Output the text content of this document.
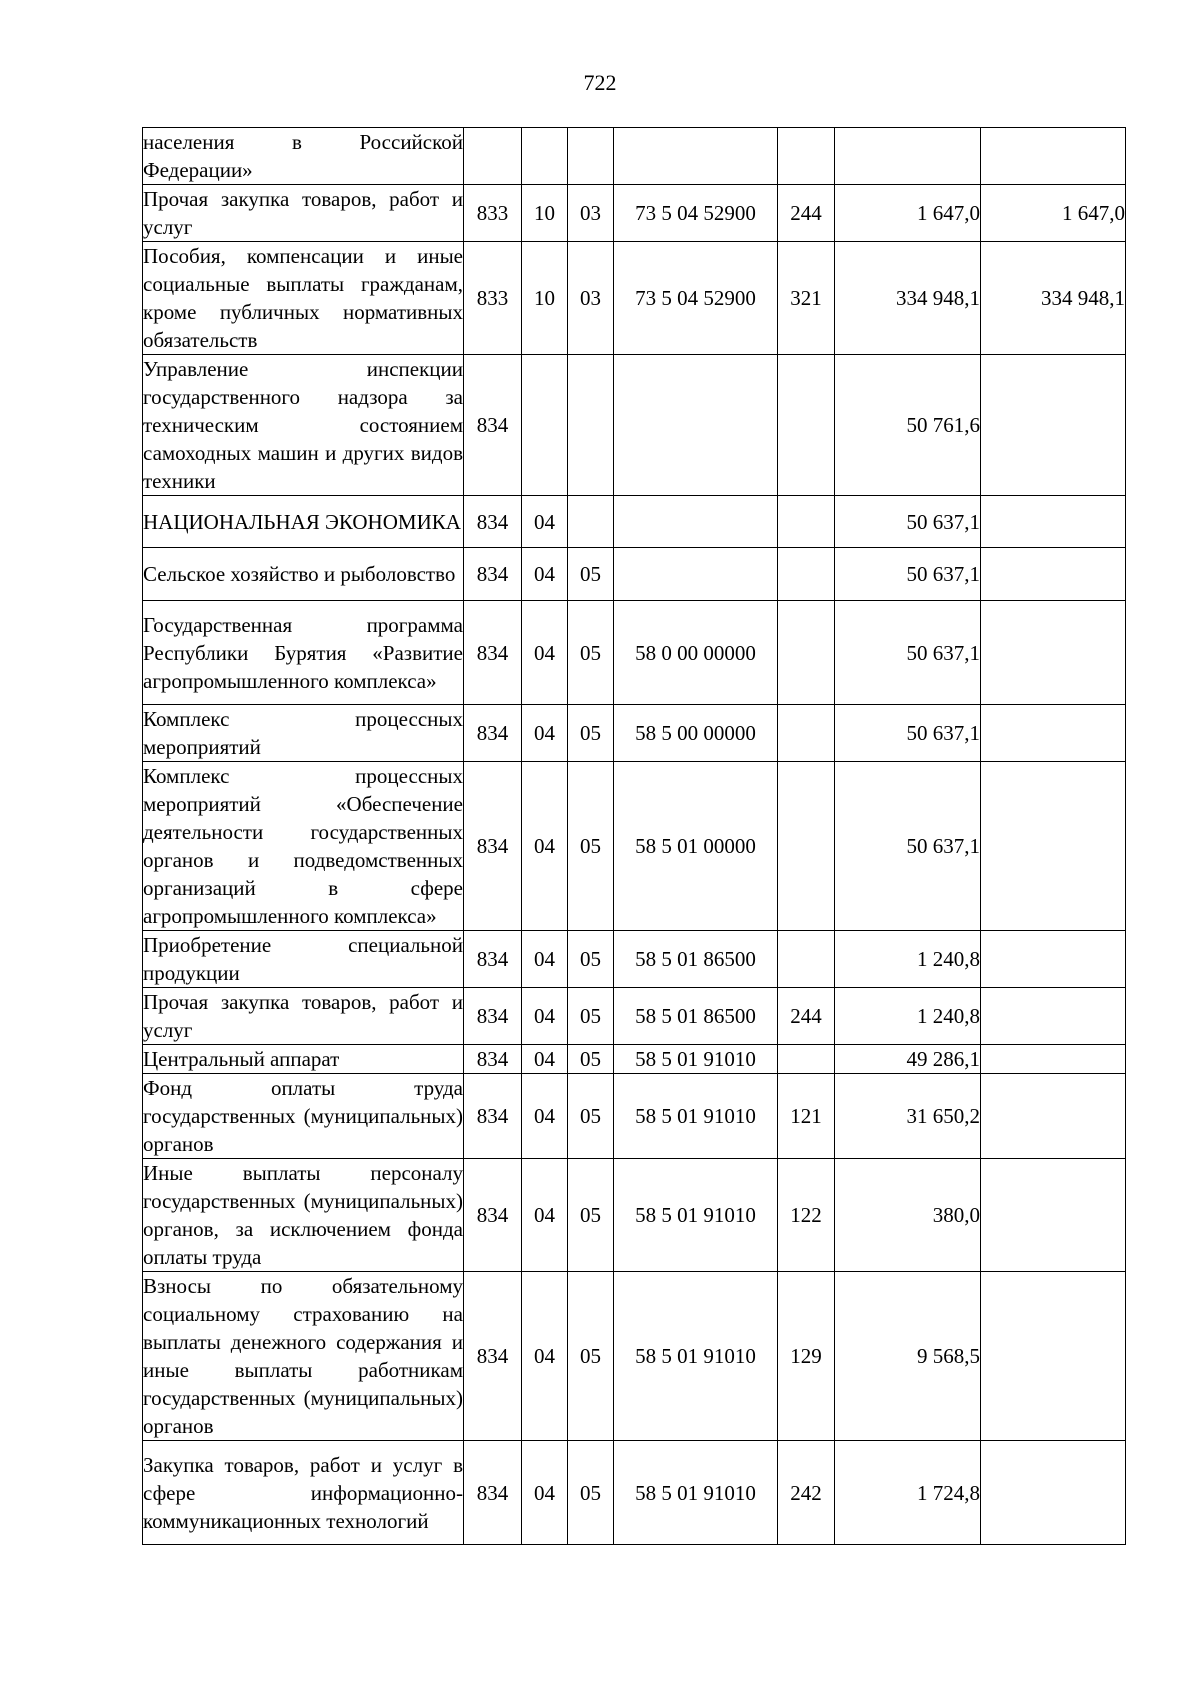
722
населения в Российской Федерации»							
Прочая закупка товаров, работ и услуг	833	10	03	73 5 04 52900	244	1 647,0	1 647,0
Пособия, компенсации и иные социальные выплаты гражданам, кроме публичных нормативных обязательств	833	10	03	73 5 04 52900	321	334 948,1	334 948,1
Управление инспекции государственного надзора за техническим состоянием самоходных машин и других видов техники	834					50 761,6	
НАЦИОНАЛЬНАЯ ЭКОНОМИКА	834	04				50 637,1	
Сельское хозяйство и рыболовство	834	04	05			50 637,1	
Государственная программа Республики Бурятия «Развитие агропромышленного комплекса»	834	04	05	58 0 00 00000		50 637,1	
Комплекс процессных мероприятий	834	04	05	58 5 00 00000		50 637,1	
Комплекс процессных мероприятий «Обеспечение деятельности государственных органов и подведомственных организаций в сфере агропромышленного комплекса»	834	04	05	58 5 01 00000		50 637,1	
Приобретение специальной продукции	834	04	05	58 5 01 86500		1 240,8	
Прочая закупка товаров, работ и услуг	834	04	05	58 5 01 86500	244	1 240,8	
Центральный аппарат	834	04	05	58 5 01 91010		49 286,1	
Фонд оплаты труда государственных (муниципальных) органов	834	04	05	58 5 01 91010	121	31 650,2	
Иные выплаты персоналу государственных (муниципальных) органов, за исключением фонда оплаты труда	834	04	05	58 5 01 91010	122	380,0	
Взносы по обязательному социальному страхованию на выплаты денежного содержания и иные выплаты работникам государственных (муниципальных) органов	834	04	05	58 5 01 91010	129	9 568,5	
Закупка товаров, работ и услуг в сфере информационно-коммуникационных технологий	834	04	05	58 5 01 91010	242	1 724,8	
